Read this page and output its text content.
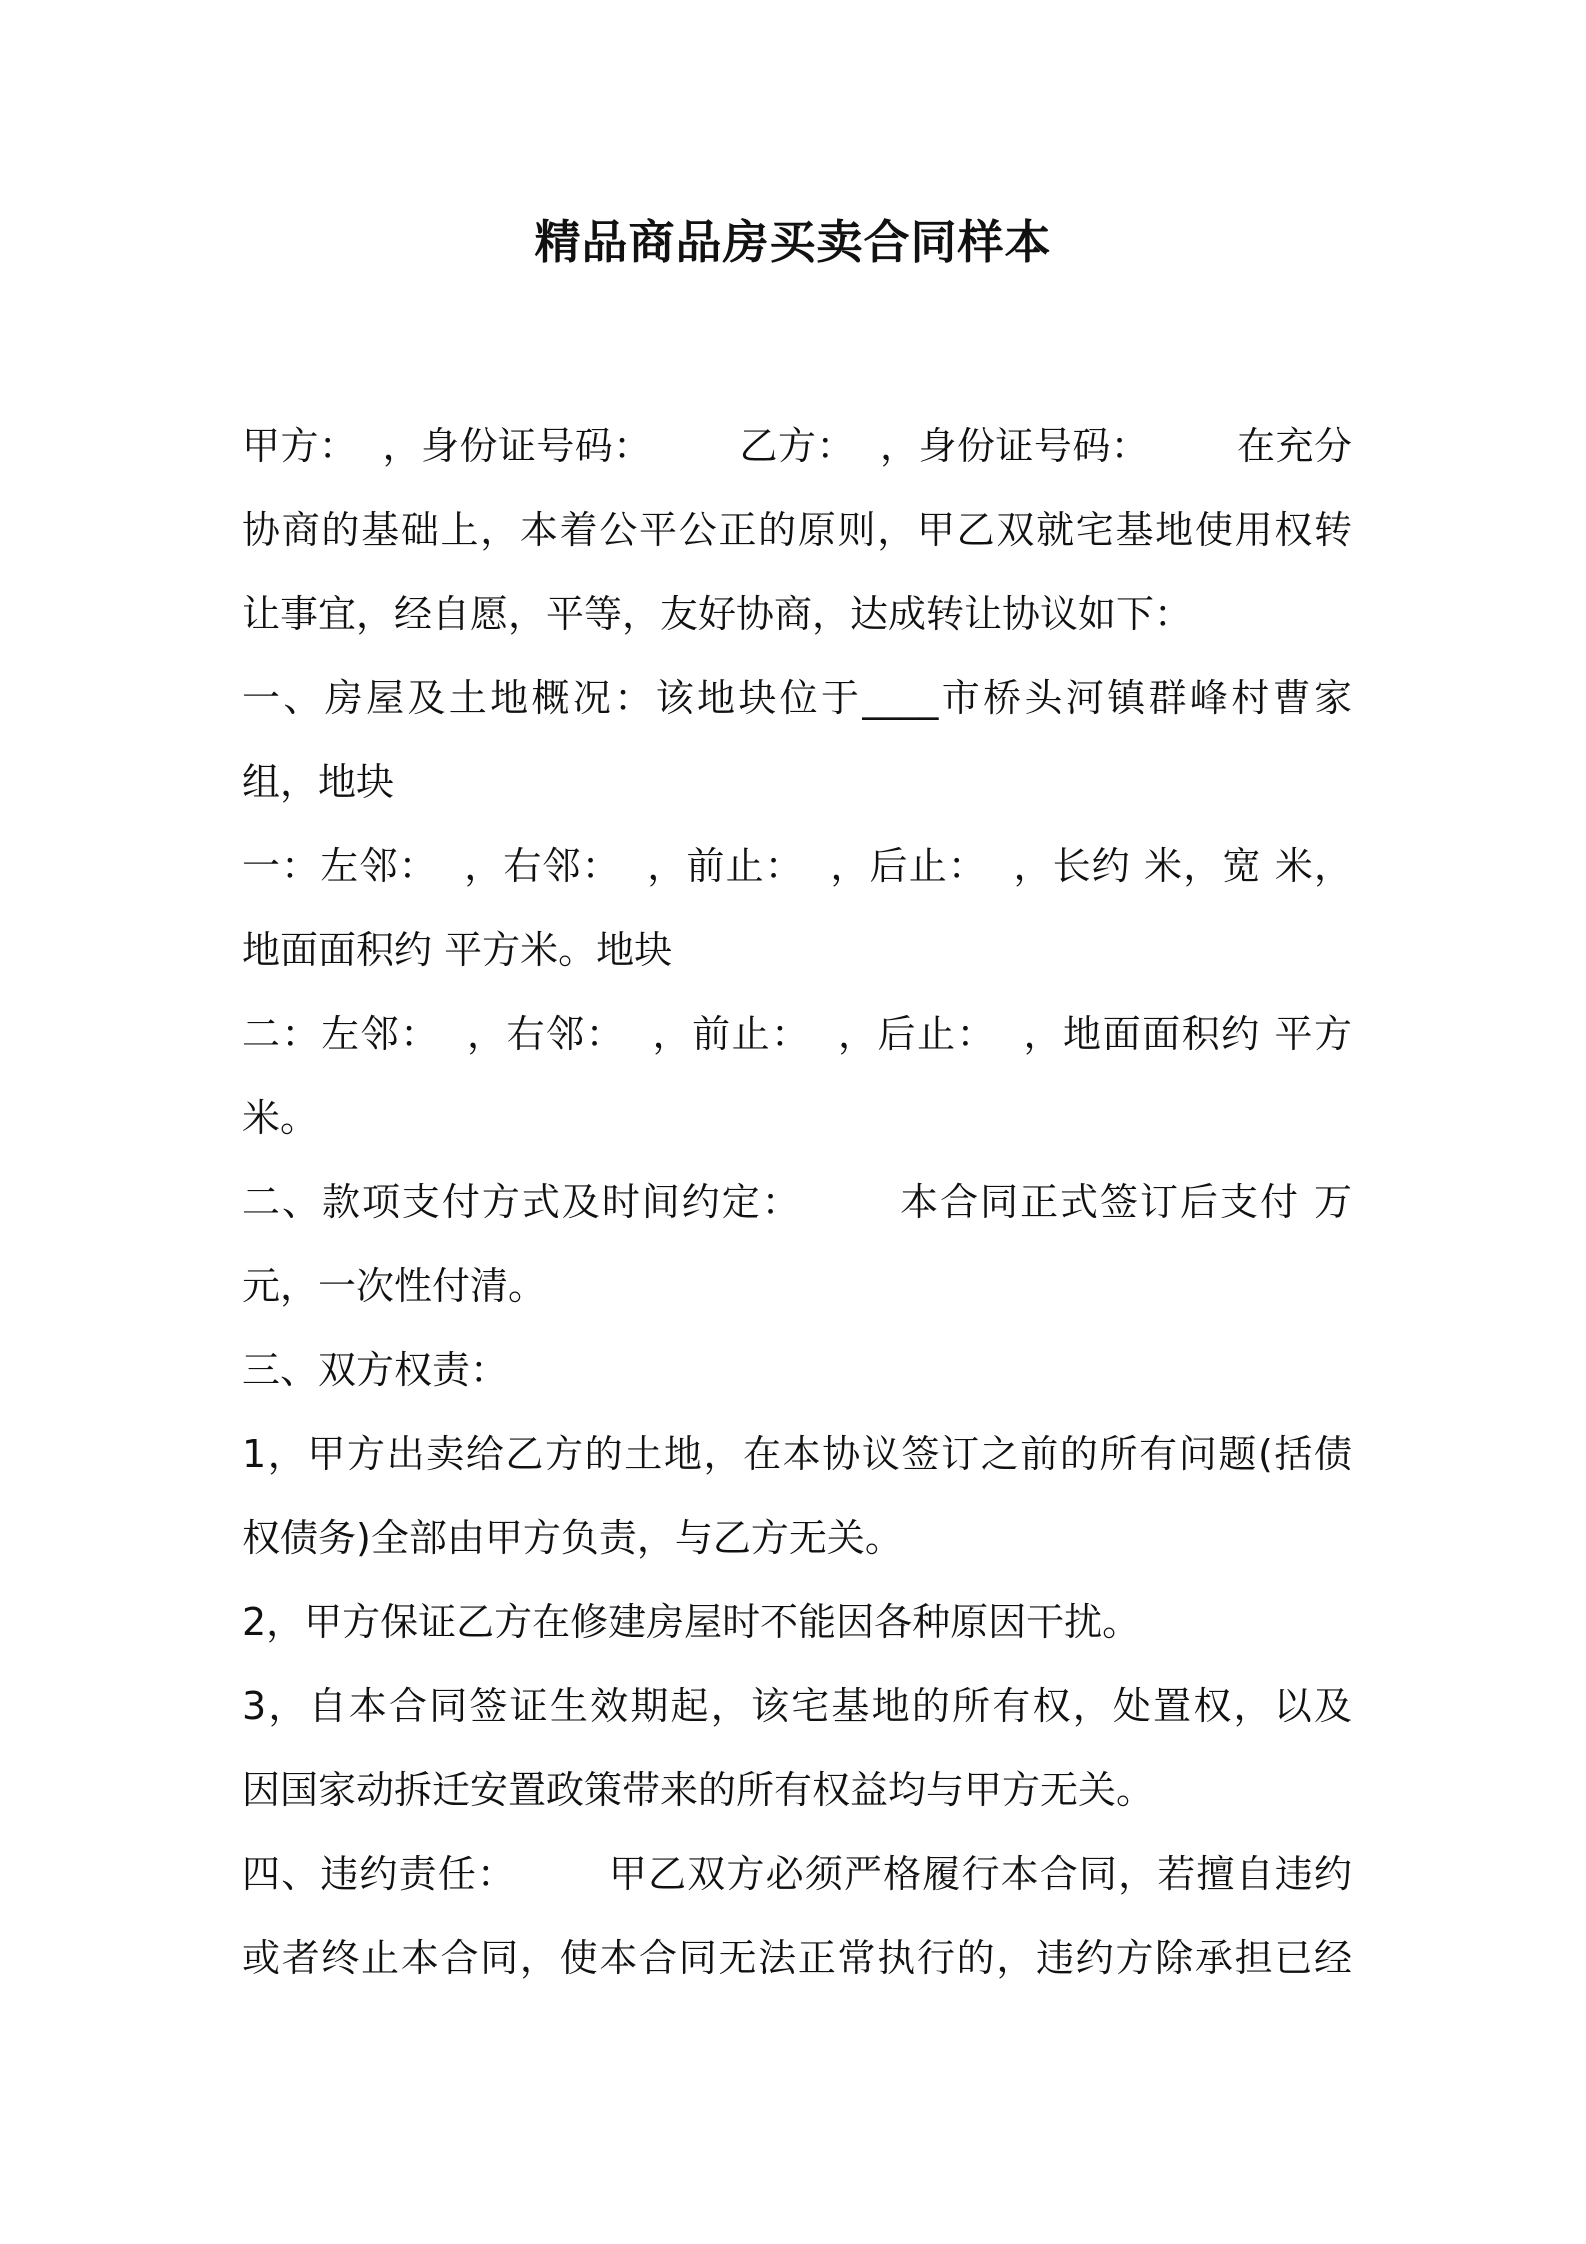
精品商品房买卖合同样本
甲方：  ，身份证号码：       乙方：  ，身份证号码：       在充分
协商的基础上，本着公平公正的原则，甲乙双就宅基地使用权转
让事宜，经自愿，平等，友好协商，达成转让协议如下：
一、房屋及土地概况：该地块位于____市桥头河镇群峰村曹家
组，地块
一：左邻：  ，右邻：  ，前止：  ，后止：  ，长约 米，宽 米，
地面面积约 平方米。地块
二：左邻：  ，右邻：  ，前止：  ，后止：  ，地面面积约 平方
米。
二、款项支付方式及时间约定：       本合同正式签订后支付 万
元，一次性付清。
三、双方权责：
1，甲方出卖给乙方的土地，在本协议签订之前的所有问题(括债
权债务)全部由甲方负责，与乙方无关。
2，甲方保证乙方在修建房屋时不能因各种原因干扰。
3，自本合同签证生效期起，该宅基地的所有权，处置权，以及
因国家动拆迁安置政策带来的所有权益均与甲方无关。
四、违约责任：       甲乙双方必须严格履行本合同，若擅自违约
或者终止本合同，使本合同无法正常执行的，违约方除承担已经
